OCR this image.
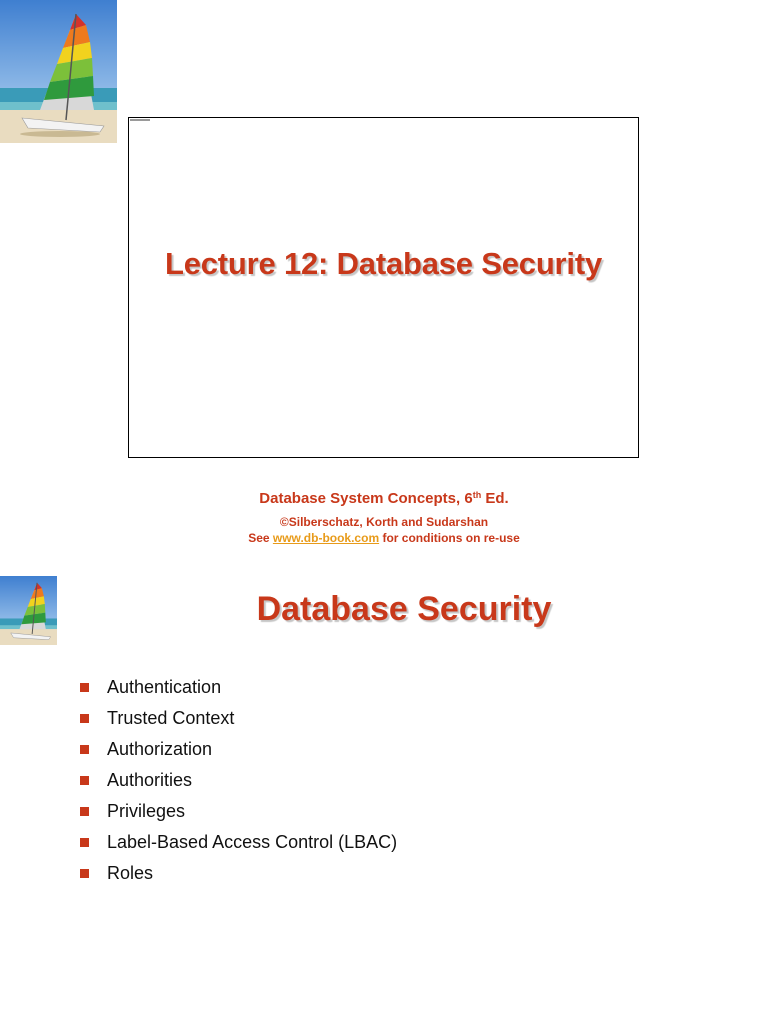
Lecture 12: Database Security
Database System Concepts, 6th Ed.
©Silberschatz, Korth and Sudarshan
See www.db-book.com for conditions on re-use
Database Security
Authentication
Trusted Context
Authorization
Authorities
Privileges
Label-Based Access Control (LBAC)
Roles
